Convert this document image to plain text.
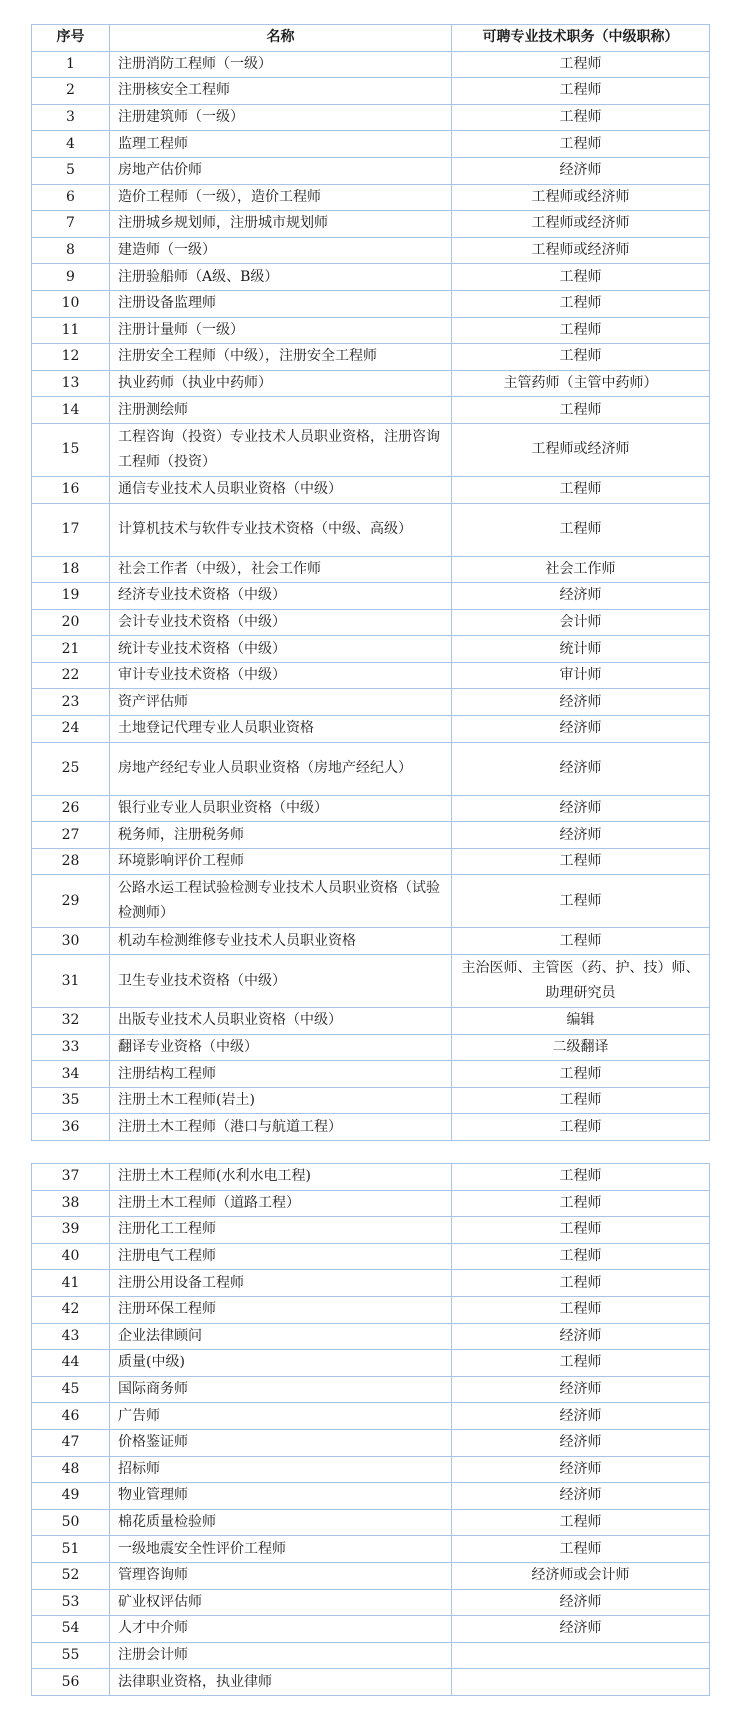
序号	名称	可聘专业技术职务（中级职称）
1	注册消防工程师（一级）	工程师
2	注册核安全工程师	工程师
3	注册建筑师（一级）	工程师
4	监理工程师	工程师
5	房地产估价师	经济师
6	造价工程师（一级），造价工程师	工程师或经济师
7	注册城乡规划师，注册城市规划师	工程师或经济师
8	建造师（一级）	工程师或经济师
9	注册验船师（A级、B级）	工程师
10	注册设备监理师	工程师
11	注册计量师（一级）	工程师
12	注册安全工程师（中级），注册安全工程师	工程师
13	执业药师（执业中药师）	主管药师（主管中药师）
14	注册测绘师	工程师
15	工程咨询（投资）专业技术人员职业资格，注册咨询工程师（投资）	工程师或经济师
16	通信专业技术人员职业资格（中级）	工程师
17	计算机技术与软件专业技术资格（中级、高级）	工程师
18	社会工作者（中级），社会工作师	社会工作师
19	经济专业技术资格（中级）	经济师
20	会计专业技术资格（中级）	会计师
21	统计专业技术资格（中级）	统计师
22	审计专业技术资格（中级）	审计师
23	资产评估师	经济师
24	土地登记代理专业人员职业资格	经济师
25	房地产经纪专业人员职业资格（房地产经纪人）	经济师
26	银行业专业人员职业资格（中级）	经济师
27	税务师，注册税务师	经济师
28	环境影响评价工程师	工程师
29	公路水运工程试验检测专业技术人员职业资格（试验检测师）	工程师
30	机动车检测维修专业技术人员职业资格	工程师
31	卫生专业技术资格（中级）	主治医师、主管医（药、护、技）师、助理研究员
32	出版专业技术人员职业资格（中级）	编辑
33	翻译专业资格（中级）	二级翻译
34	注册结构工程师	工程师
35	注册土木工程师(岩土)	工程师
36	注册土木工程师（港口与航道工程）	工程师
37	注册土木工程师(水利水电工程)	工程师
38	注册土木工程师（道路工程）	工程师
39	注册化工工程师	工程师
40	注册电气工程师	工程师
41	注册公用设备工程师	工程师
42	注册环保工程师	工程师
43	企业法律顾问	经济师
44	质量(中级)	工程师
45	国际商务师	经济师
46	广告师	经济师
47	价格鉴证师	经济师
48	招标师	经济师
49	物业管理师	经济师
50	棉花质量检验师	工程师
51	一级地震安全性评价工程师	工程师
52	管理咨询师	经济师或会计师
53	矿业权评估师	经济师
54	人才中介师	经济师
55	注册会计师	
56	法律职业资格，执业律师	
